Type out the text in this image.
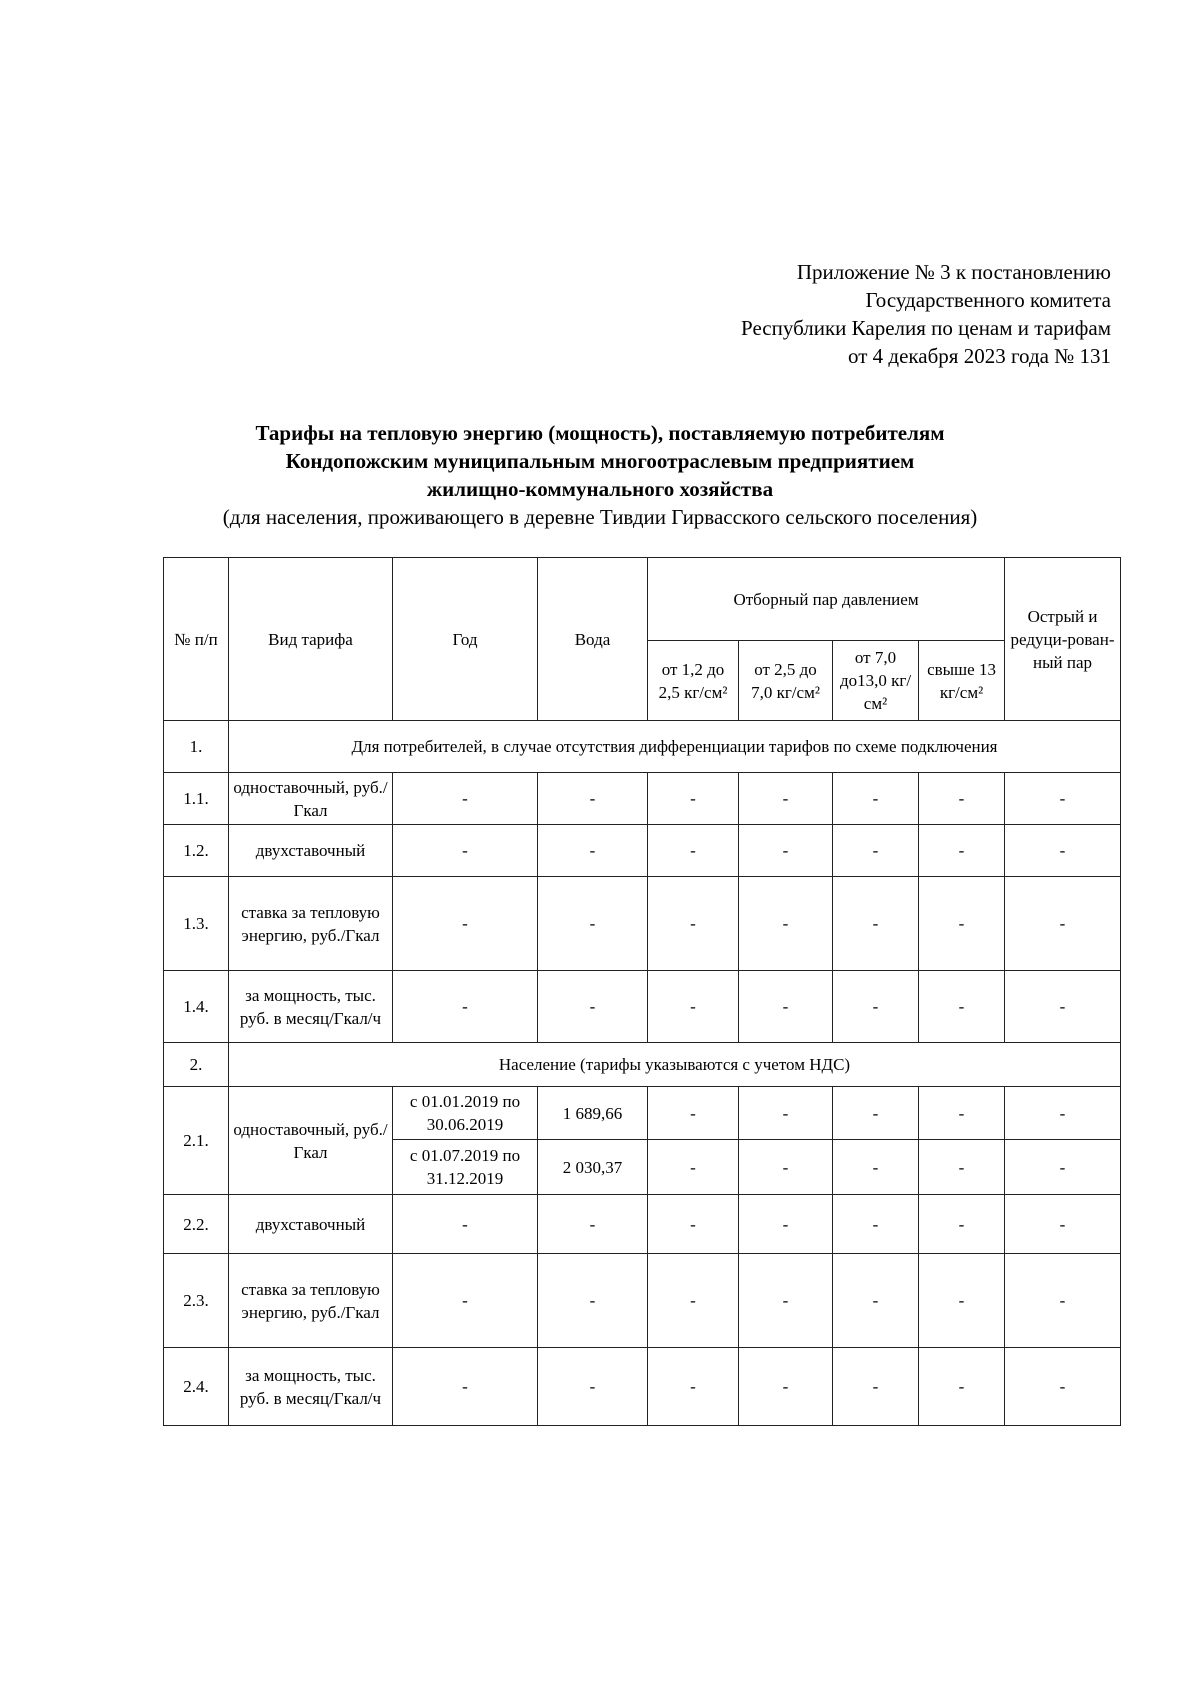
Приложение № 3 к постановлению
Государственного комитета
Республики Карелия по ценам и тарифам
от 4 декабря 2023 года № 131
Тарифы на тепловую энергию (мощность), поставляемую потребителям
Кондопожским муниципальным многоотраслевым предприятием
жилищно-коммунального хозяйства
(для населения, проживающего в деревне Тивдии Гирвасского сельского поселения)
№ п/п	Вид тарифа	Год	Вода	Отборный пар давлением				Острый и редуци-рован-ный пар
				от 1,2 до 2,5 кг/см²	от 2,5 до 7,0 кг/см²	от 7,0 до13,0 кг/см²	свыше 13 кг/см²	
1.	Для потребителей, в случае отсутствия дифференциации тарифов по схеме подключения							
1.1.	одноставочный, руб./Гкал	-	-	-	-	-	-	-
1.2.	двухставочный	-	-	-	-	-	-	-
1.3.	ставка за тепловую энергию, руб./Гкал	-	-	-	-	-	-	-
1.4.	за мощность, тыс. руб. в месяц/Гкал/ч	-	-	-	-	-	-	-
2.	Население (тарифы указываются с учетом НДС)							
2.1.	одноставочный, руб./Гкал	с 01.01.2019 по 30.06.2019	1 689,66	-	-	-	-	-
		с 01.07.2019 по 31.12.2019	2 030,37	-	-	-	-	-
2.2.	двухставочный	-	-	-	-	-	-	-
2.3.	ставка за тепловую энергию, руб./Гкал	-	-	-	-	-	-	-
2.4.	за мощность, тыс. руб. в месяц/Гкал/ч	-	-	-	-	-	-	-
